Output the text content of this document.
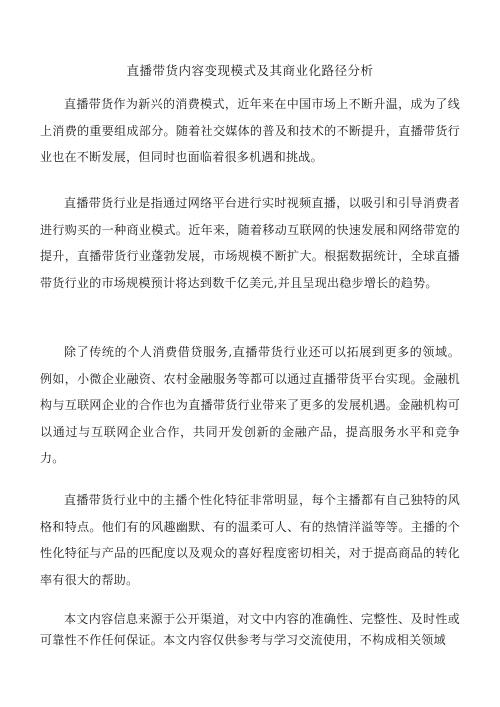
直播带货内容变现模式及其商业化路径分析

直播带货作为新兴的消费模式，近年来在中国市场上不断升温，成为了线上消费的重要组成部分。随着社交媒体的普及和技术的不断提升，直播带货行业也在不断发展，但同时也面临着很多机遇和挑战。

直播带货行业是指通过网络平台进行实时视频直播，以吸引和引导消费者进行购买的一种商业模式。近年来，随着移动互联网的快速发展和网络带宽的提升，直播带货行业蓬勃发展，市场规模不断扩大。根据数据统计，全球直播带货行业的市场规模预计将达到数千亿美元,并且呈现出稳步增长的趋势。

除了传统的个人消费借贷服务,直播带货行业还可以拓展到更多的领域。例如，小微企业融资、农村金融服务等都可以通过直播带货平台实现。金融机构与互联网企业的合作也为直播带货行业带来了更多的发展机遇。金融机构可以通过与互联网企业合作，共同开发创新的金融产品，提高服务水平和竞争力。

直播带货行业中的主播个性化特征非常明显，每个主播都有自己独特的风格和特点。他们有的风趣幽默、有的温柔可人、有的热情洋溢等等。主播的个性化特征与产品的匹配度以及观众的喜好程度密切相关，对于提高商品的转化率有很大的帮助。

本文内容信息来源于公开渠道，对文中内容的准确性、完整性、及时性或可靠性不作任何保证。本文内容仅供参考与学习交流使用，不构成相关领域
